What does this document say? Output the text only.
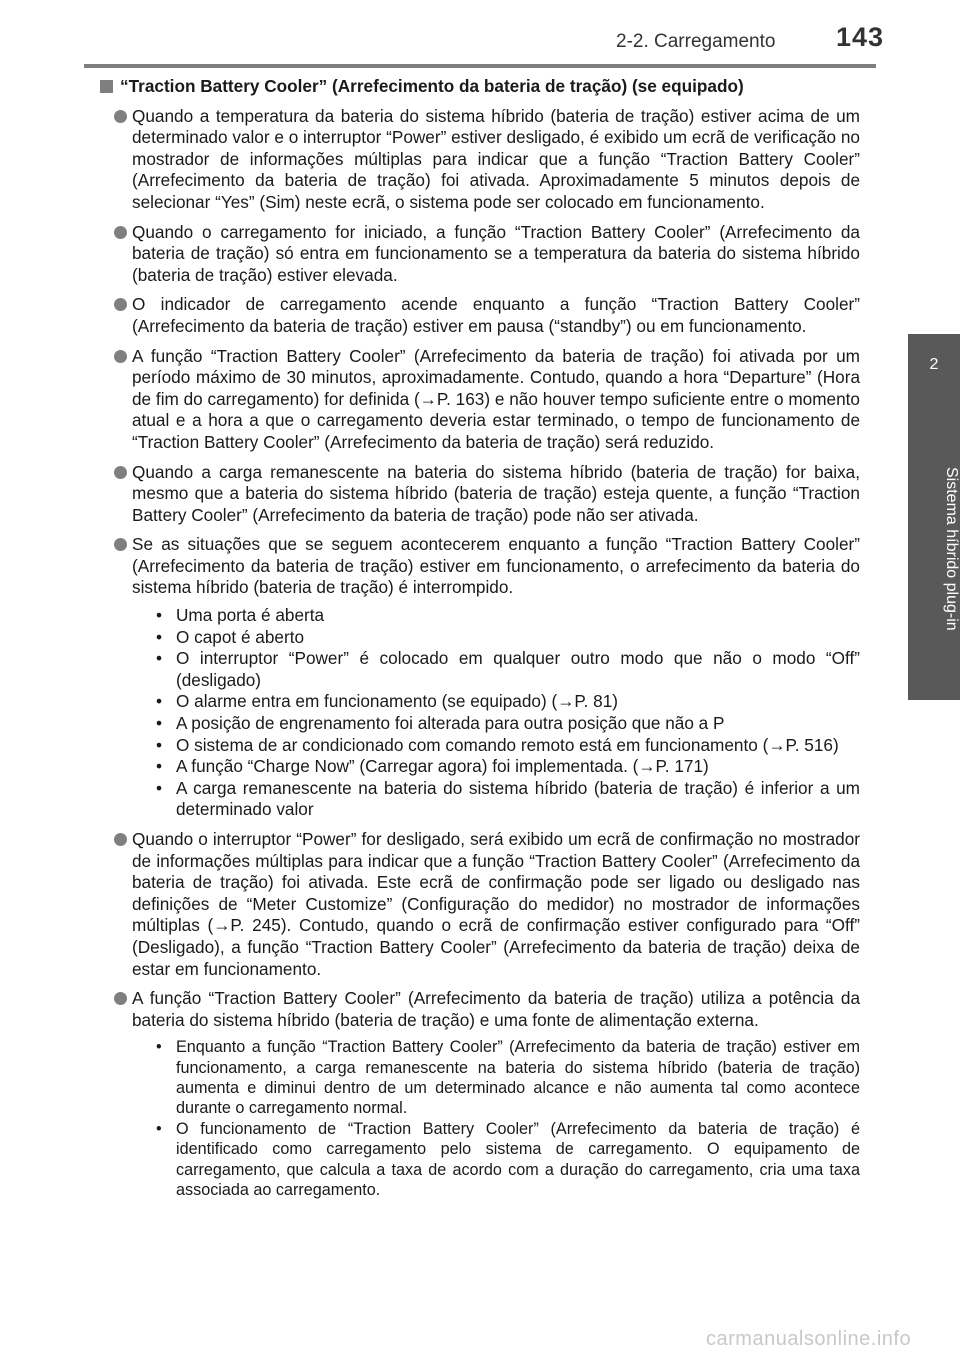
2-2. Carregamento 143
2
Sistema híbrido plug-in
“Traction Battery Cooler” (Arrefecimento da bateria de tração) (se equipado)
Quando a temperatura da bateria do sistema híbrido (bateria de tração) estiver acima de um determinado valor e o interruptor “Power” estiver desligado, é exibido um ecrã de verificação no mostrador de informações múltiplas para indicar que a função “Traction Battery Cooler” (Arrefecimento da bateria de tração) foi ativada. Aproximadamente 5 minutos depois de selecionar “Yes” (Sim) neste ecrã, o sistema pode ser colocado em funcionamento.
Quando o carregamento for iniciado, a função “Traction Battery Cooler” (Arrefecimento da bateria de tração) só entra em funcionamento se a temperatura da bateria do sistema híbrido (bateria de tração) estiver elevada.
O indicador de carregamento acende enquanto a função “Traction Battery Cooler” (Arrefecimento da bateria de tração) estiver em pausa (“standby”) ou em funcionamento.
A função “Traction Battery Cooler” (Arrefecimento da bateria de tração) foi ativada por um período máximo de 30 minutos, aproximadamente. Contudo, quando a hora “Departure” (Hora de fim do carregamento) for definida (→P. 163) e não houver tempo suficiente entre o momento atual e a hora a que o carregamento deveria estar terminado, o tempo de funcionamento de “Traction Battery Cooler” (Arrefecimento da bateria de tração) será reduzido.
Quando a carga remanescente na bateria do sistema híbrido (bateria de tração) for baixa, mesmo que a bateria do sistema híbrido (bateria de tração) esteja quente, a função “Traction Battery Cooler” (Arrefecimento da bateria de tração) pode não ser ativada.
Se as situações que se seguem acontecerem enquanto a função “Traction Battery Cooler” (Arrefecimento da bateria de tração) estiver em funcionamento, o arrefecimento da bateria do sistema híbrido (bateria de tração) é interrompido.
• Uma porta é aberta
• O capot é aberto
• O interruptor “Power” é colocado em qualquer outro modo que não o modo “Off” (desligado)
• O alarme entra em funcionamento (se equipado) (→P. 81)
• A posição de engrenamento foi alterada para outra posição que não a P
• O sistema de ar condicionado com comando remoto está em funcionamento (→P. 516)
• A função “Charge Now” (Carregar agora) foi implementada. (→P. 171)
• A carga remanescente na bateria do sistema híbrido (bateria de tração) é inferior a um determinado valor
Quando o interruptor “Power” for desligado, será exibido um ecrã de confirmação no mostrador de informações múltiplas para indicar que a função “Traction Battery Cooler” (Arrefecimento da bateria de tração) foi ativada. Este ecrã de confirmação pode ser ligado ou desligado nas definições de “Meter Customize” (Configuração do medidor) no mostrador de informações múltiplas (→P. 245). Contudo, quando o ecrã de confirmação estiver configurado para “Off” (Desligado), a função “Traction Battery Cooler” (Arrefecimento da bateria de tração) deixa de estar em funcionamento.
A função “Traction Battery Cooler” (Arrefecimento da bateria de tração) utiliza a potência da bateria do sistema híbrido (bateria de tração) e uma fonte de alimentação externa.
• Enquanto a função “Traction Battery Cooler” (Arrefecimento da bateria de tração) estiver em funcionamento, a carga remanescente na bateria do sistema híbrido (bateria de tração) aumenta e diminui dentro de um determinado alcance e não aumenta tal como acontece durante o carregamento normal.
• O funcionamento de “Traction Battery Cooler” (Arrefecimento da bateria de tração) é identificado como carregamento pelo sistema de carregamento. O equipamento de carregamento, que calcula a taxa de acordo com a duração do carregamento, cria uma taxa associada ao carregamento.
carmanualsonline.info
